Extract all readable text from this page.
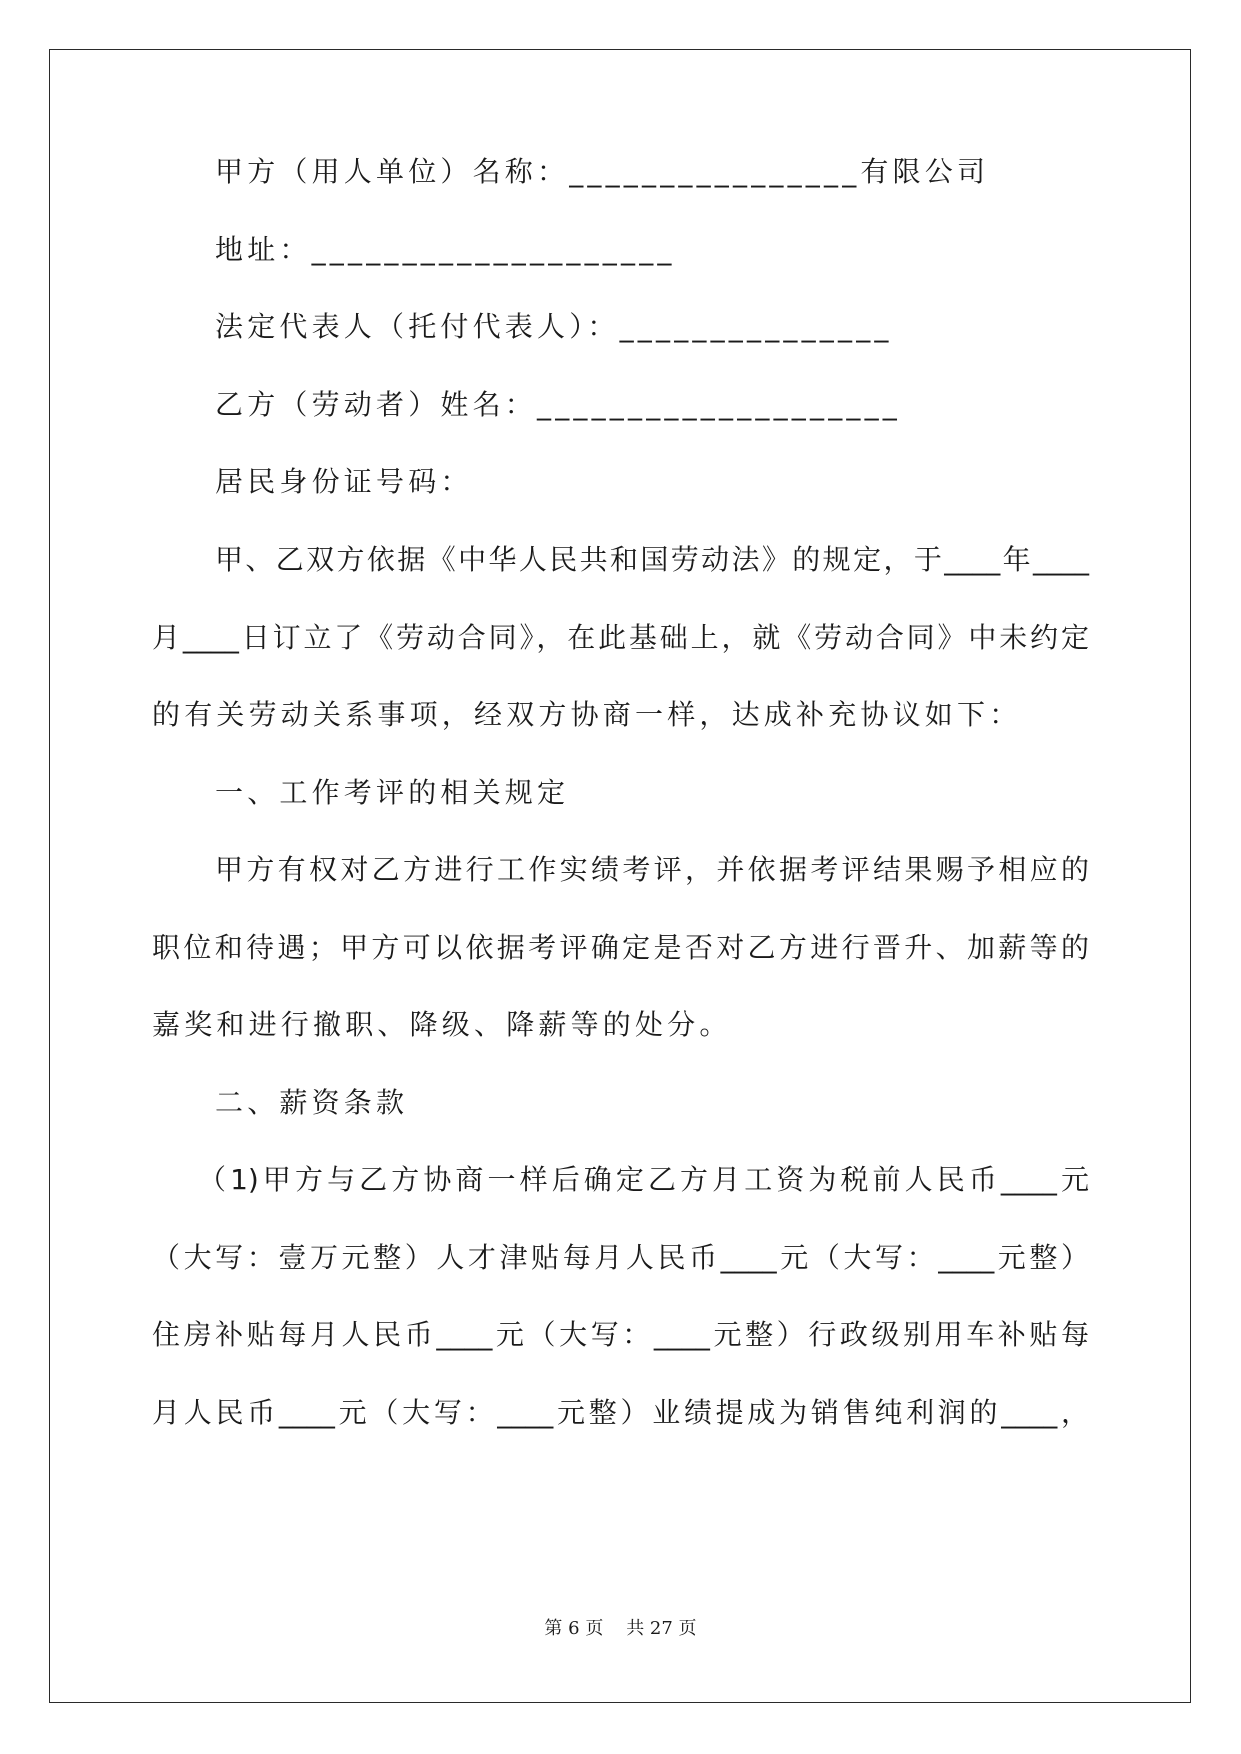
甲方（用人单位）名称：________________有限公司
地址：____________________
法定代表人（托付代表人）：_______________
乙方（劳动者）姓名：____________________
居民身份证号码：
甲、乙双方依据《中华人民共和国劳动法》的规定，于____年____
月____日订立了《劳动合同》，在此基础上，就《劳动合同》中未约定
的有关劳动关系事项，经双方协商一样，达成补充协议如下：
一、工作考评的相关规定
甲方有权对乙方进行工作实绩考评，并依据考评结果赐予相应的
职位和待遇；甲方可以依据考评确定是否对乙方进行晋升、加薪等的
嘉奖和进行撤职、降级、降薪等的处分。
二、薪资条款
（1)甲方与乙方协商一样后确定乙方月工资为税前人民币____元
（大写：壹万元整）人才津贴每月人民币____元（大写：____元整）
住房补贴每月人民币____元（大写：____元整）行政级别用车补贴每
月人民币____元（大写：____元整）业绩提成为销售纯利润的____，
第 6 页    共 27 页
